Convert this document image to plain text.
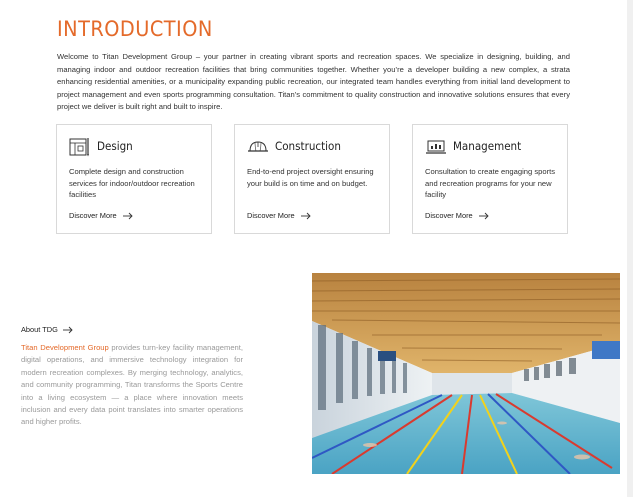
INTRODUCTION

Welcome to Titan Development Group – your partner in creating vibrant sports and recreation spaces. We specialize in designing, building, and managing indoor and outdoor recreation facilities that bring communities together. Whether you’re a developer building a new complex, a strata enhancing residential amenities, or a municipality expanding public recreation, our integrated team handles everything from initial land development to project management and even sports programming consultation. Titan’s commitment to quality construction and innovative solutions ensures that every project we deliver is built right and built to inspire.

Design
Complete design and construction services for indoor/outdoor recreation facilities
Discover More
Construction
End-to-end project oversight ensuring your build is on time and on budget.
Discover More
Management
Consultation to create engaging sports and recreation programs for your new facility
Discover More
About TDG

Titan Development Group provides turn-key facility management, digital operations, and immersive technology integration for modern recreation complexes. By merging technology, analytics, and community programming, Titan transforms the Sports Centre into a living ecosystem — a place where innovation meets inclusion and every data point translates into smarter operations and higher profits.
